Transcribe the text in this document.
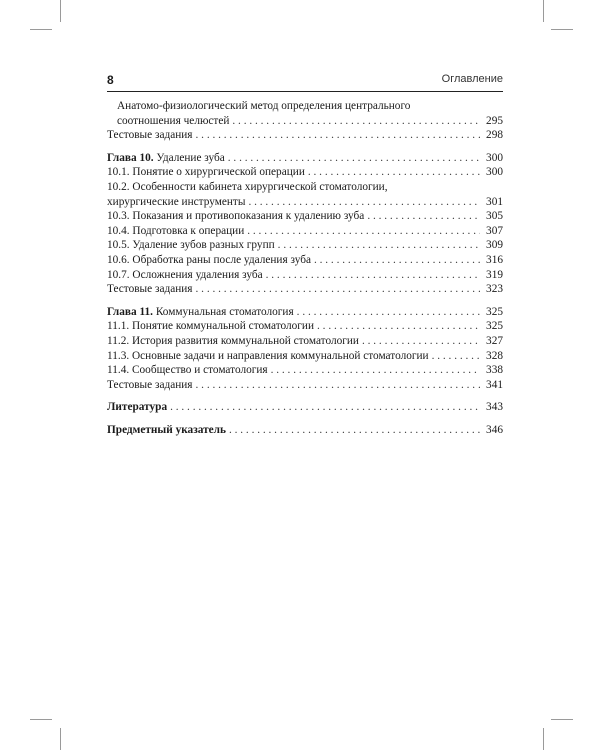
8	Оглавление
Анатомо-физиологический метод определения центрального
соотношения челюстей . . .	295
Тестовые задания . . .	298
Глава 10. Удаление зуба . . .	300
10.1. Понятие о хирургической операции . . .	300
10.2. Особенности кабинета хирургической стоматологии,
хирургические инструменты . . .	301
10.3. Показания и противопоказания к удалению зуба . . .	305
10.4. Подготовка к операции . . .	307
10.5. Удаление зубов разных групп . . .	309
10.6. Обработка раны после удаления зуба . . .	316
10.7. Осложнения удаления зуба . . .	319
Тестовые задания . . .	323
Глава 11. Коммунальная стоматология . . .	325
11.1. Понятие коммунальной стоматологии . . .	325
11.2. История развития коммунальной стоматологии . . .	327
11.3. Основные задачи и направления коммунальной стоматологии . . .	328
11.4. Сообщество и стоматология . . .	338
Тестовые задания . . .	341
Литература . . .	343
Предметный указатель . . .	346
